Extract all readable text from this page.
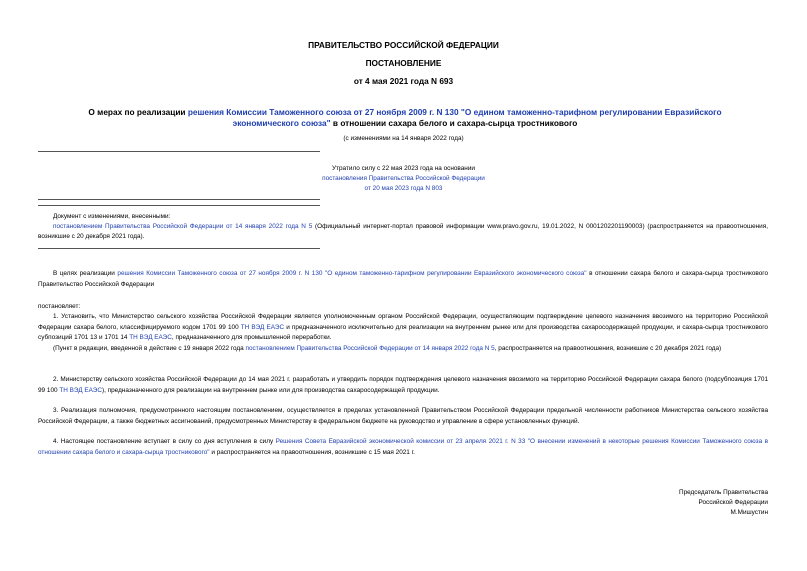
ПРАВИТЕЛЬСТВО РОССИЙСКОЙ ФЕДЕРАЦИИ
ПОСТАНОВЛЕНИЕ
от 4 мая 2021 года N 693
О мерах по реализации решения Комиссии Таможенного союза от 27 ноября 2009 г. N 130 "О едином таможенно-тарифном регулировании Евразийского экономического союза" в отношении сахара белого и сахара-сырца тростникового
(с изменениями на 14 января 2022 года)
Утратило силу с 22 мая 2023 года на основании
постановления Правительства Российской Федерации
от 20 мая 2023 года N 803
Документ с изменениями, внесенными:
постановлением Правительства Российской Федерации от 14 января 2022 года N 5 (Официальный интернет-портал правовой информации www.pravo.gov.ru, 19.01.2022, N 0001202201190003) (распространяется на правоотношения, возникшие с 20 декабря 2021 года).
В целях реализации решения Комиссии Таможенного союза от 27 ноября 2009 г. N 130 "О едином таможенно-тарифном регулировании Евразийского экономического союза" в отношении сахара белого и сахара-сырца тростникового Правительство Российской Федерации
постановляет:
1. Установить, что Министерство сельского хозяйства Российской Федерации является уполномоченным органом Российской Федерации, осуществляющим подтверждение целевого назначения ввозимого на территорию Российской Федерации сахара белого, классифицируемого кодом 1701 99 100 ТН ВЭД ЕАЭС и предназначенного исключительно для реализации на внутреннем рынке или для производства сахаросодержащей продукции, и сахара-сырца тростникового субпозиций 1701 13 и 1701 14 ТН ВЭД ЕАЭС, предназначенного для промышленной переработки.
(Пункт в редакции, введенной в действие с 19 января 2022 года постановлением Правительства Российской Федерации от 14 января 2022 года N 5, распространяется на правоотношения, возникшие с 20 декабря 2021 года)
2. Министерству сельского хозяйства Российской Федерации до 14 мая 2021 г. разработать и утвердить порядок подтверждения целевого назначения ввозимого на территорию Российской Федерации сахара белого (подсубпозиция 1701 99 100 ТН ВЭД ЕАЭС), предназначенного для реализации на внутреннем рынке или для производства сахаросодержащей продукции.
3. Реализация полномочия, предусмотренного настоящим постановлением, осуществляется в пределах установленной Правительством Российской Федерации предельной численности работников Министерства сельского хозяйства Российской Федерации, а также бюджетных ассигнований, предусмотренных Министерству в федеральном бюджете на руководство и управление в сфере установленных функций.
4. Настоящее постановление вступает в силу со дня вступления в силу Решения Совета Евразийской экономической комиссии от 23 апреля 2021 г. N 33 "О внесении изменений в некоторые решения Комиссии Таможенного союза в отношении сахара белого и сахара-сырца тростникового" и распространяется на правоотношения, возникшие с 15 мая 2021 г.
Председатель Правительства
Российской Федерации
М.Мишустин
